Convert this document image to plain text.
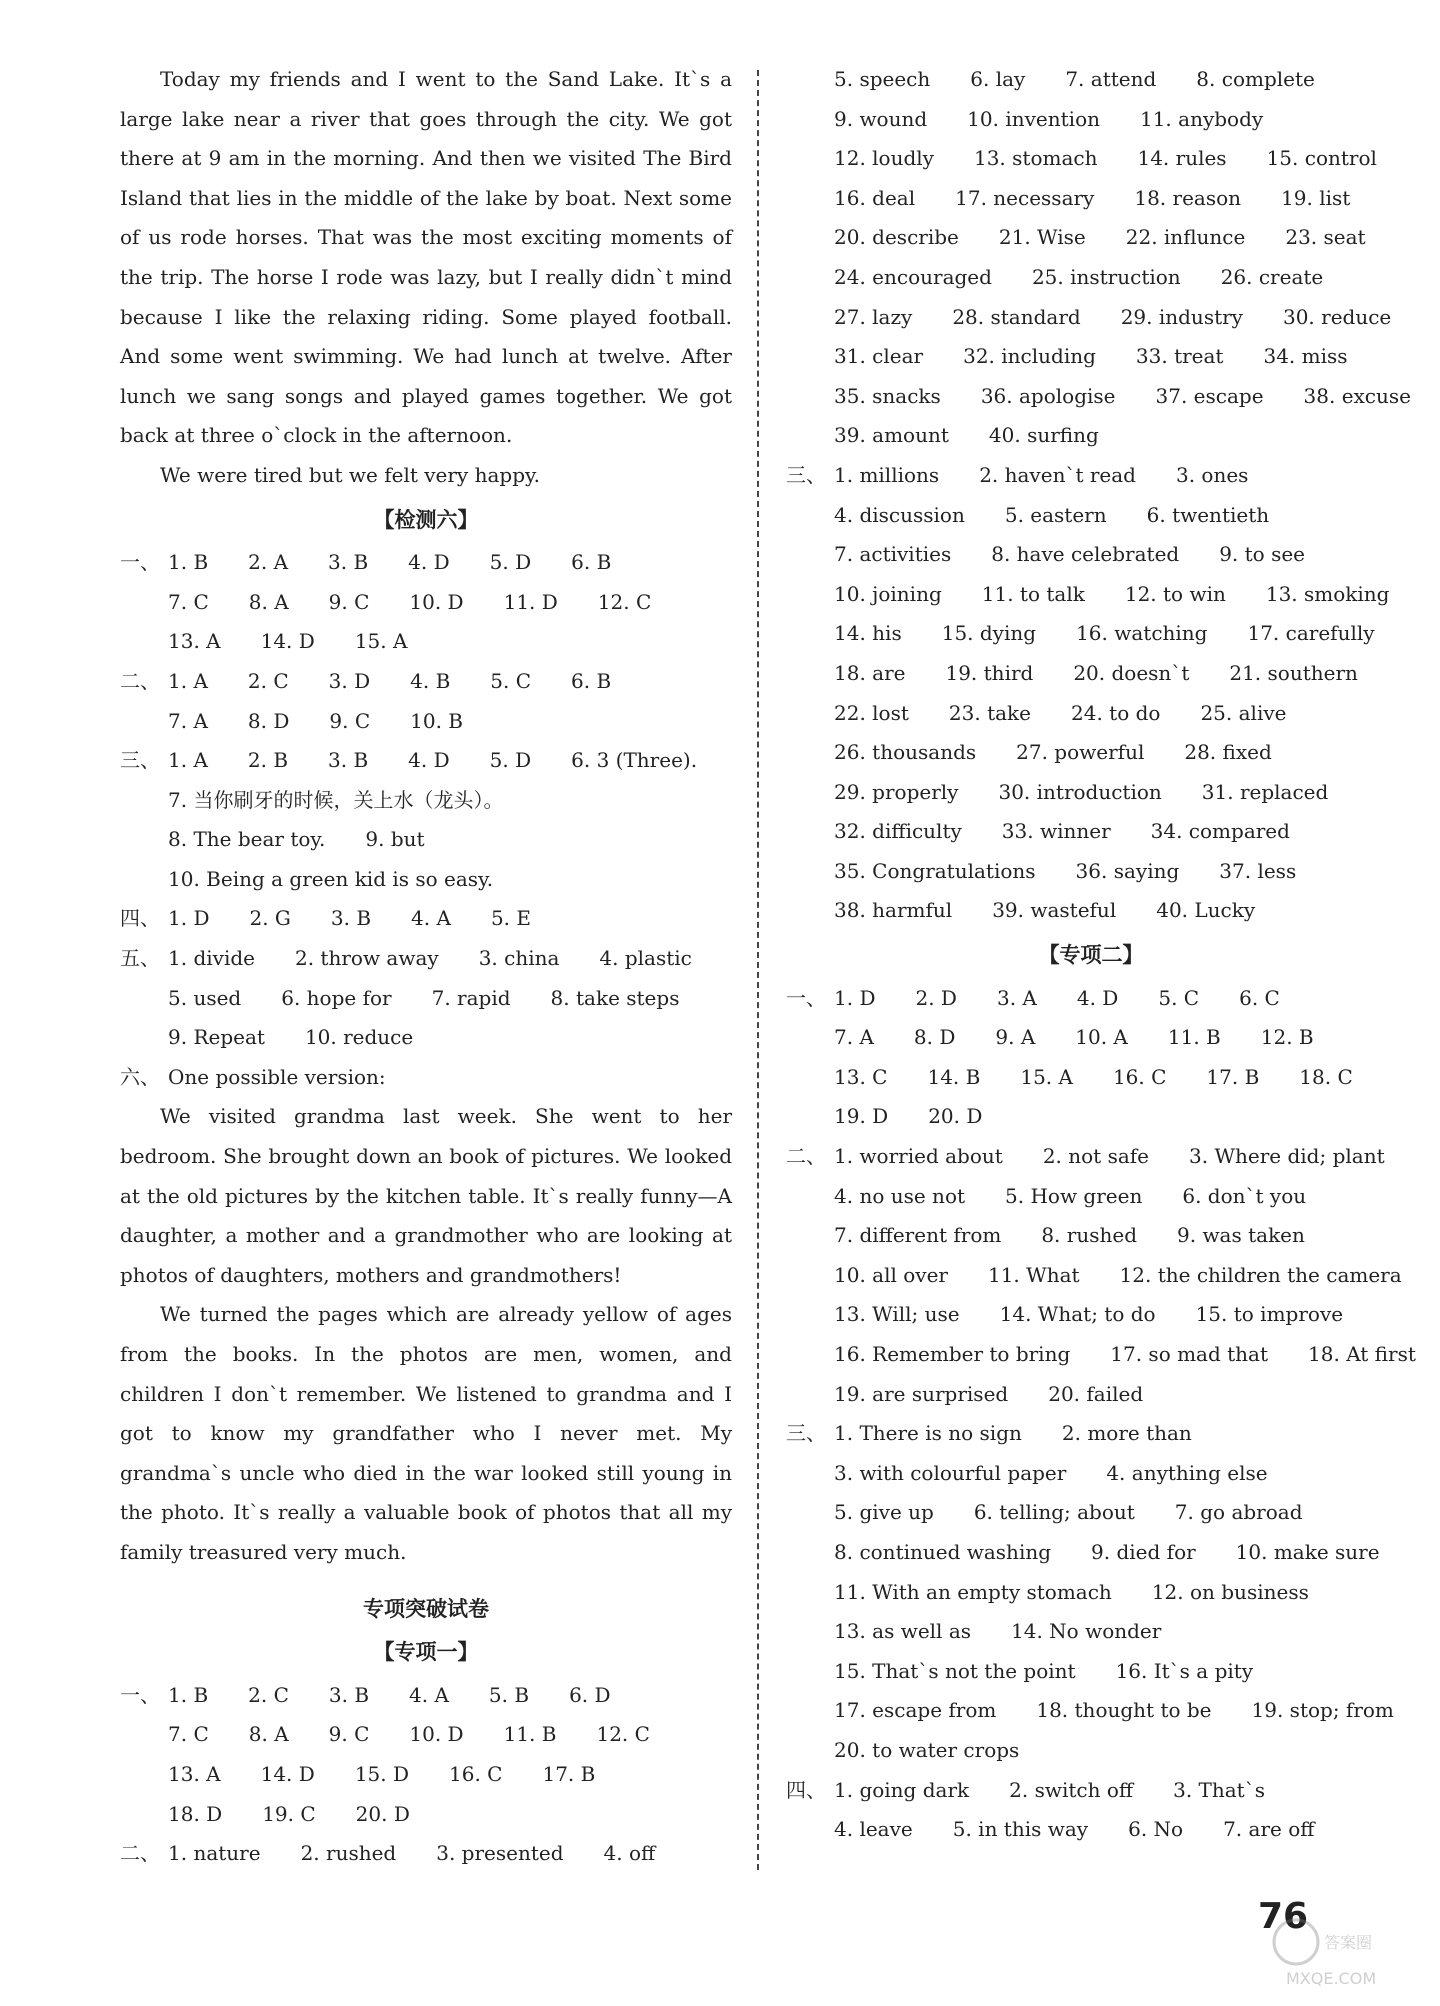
Today my friends and I went to the Sand Lake. It`s a large lake near a river that goes through the city. We got there at 9 am in the morning. And then we visited The Bird Island that lies in the middle of the lake by boat. Next some of us rode horses. That was the most exciting moments of the trip. The horse I rode was lazy, but I really didn`t mind because I like the relaxing riding. Some played football. And some went swimming. We had lunch at twelve. After lunch we sang songs and played games together. We got back at three o`clock in the afternoon.

We were tired but we felt very happy.

【检测六】
一、 1. B 2. A 3. B 4. D 5. D 6. B
7. C 8. A 9. C 10. D 11. D 12. C
13. A 14. D 15. A
二、 1. A 2. C 3. D 4. B 5. C 6. B
7. A 8. D 9. C 10. B
三、 1. A 2. B 3. B 4. D 5. D 6. 3 (Three).
7. 当你刷牙的时候，关上水（龙头）。
8. The bear toy. 9. but
10. Being a green kid is so easy.
四、 1. D 2. G 3. B 4. A 5. E
五、 1. divide 2. throw away 3. china 4. plastic
5. used 6. hope for 7. rapid 8. take steps
9. Repeat 10. reduce
六、 One possible version:

We visited grandma last week. She went to her bedroom. She brought down an book of pictures. We looked at the old pictures by the kitchen table. It`s really funny—A daughter, a mother and a grandmother who are looking at photos of daughters, mothers and grandmothers!

We turned the pages which are already yellow of ages from the books. In the photos are men, women, and children I don`t remember. We listened to grandma and I got to know my grandfather who I never met. My grandma`s uncle who died in the war looked still young in the photo. It`s really a valuable book of photos that all my family treasured very much.

专项突破试卷
【专项一】
一、 1. B 2. C 3. B 4. A 5. B 6. D
7. C 8. A 9. C 10. D 11. B 12. C
13. A 14. D 15. D 16. C 17. B
18. D 19. C 20. D
二、 1. nature 2. rushed 3. presented 4. off
5. speech 6. lay 7. attend 8. complete
9. wound 10. invention 11. anybody
12. loudly 13. stomach 14. rules 15. control
16. deal 17. necessary 18. reason 19. list
20. describe 21. Wise 22. influnce 23. seat
24. encouraged 25. instruction 26. create
27. lazy 28. standard 29. industry 30. reduce
31. clear 32. including 33. treat 34. miss
35. snacks 36. apologise 37. escape 38. excuse
39. amount 40. surfing
三、 1. millions 2. haven`t read 3. ones
4. discussion 5. eastern 6. twentieth
7. activities 8. have celebrated 9. to see
10. joining 11. to talk 12. to win 13. smoking
14. his 15. dying 16. watching 17. carefully
18. are 19. third 20. doesn`t 21. southern
22. lost 23. take 24. to do 25. alive
26. thousands 27. powerful 28. fixed
29. properly 30. introduction 31. replaced
32. difficulty 33. winner 34. compared
35. Congratulations 36. saying 37. less
38. harmful 39. wasteful 40. Lucky
【专项二】
一、 1. D 2. D 3. A 4. D 5. C 6. C
7. A 8. D 9. A 10. A 11. B 12. B
13. C 14. B 15. A 16. C 17. B 18. C
19. D 20. D
二、 1. worried about 2. not safe 3. Where did; plant
4. no use not 5. How green 6. don`t you
7. different from 8. rushed 9. was taken
10. all over 11. What 12. the children the camera
13. Will; use 14. What; to do 15. to improve
16. Remember to bring 17. so mad that 18. At first
19. are surprised 20. failed
三、 1. There is no sign 2. more than
3. with colourful paper 4. anything else
5. give up 6. telling; about 7. go abroad
8. continued washing 9. died for 10. make sure
11. With an empty stomach 12. on business
13. as well as 14. No wonder
15. That`s not the point 16. It`s a pity
17. escape from 18. thought to be 19. stop; from
20. to water crops
四、 1. going dark 2. switch off 3. That`s
4. leave 5. in this way 6. No 7. are off
76
答案圈
MXQE.COM
